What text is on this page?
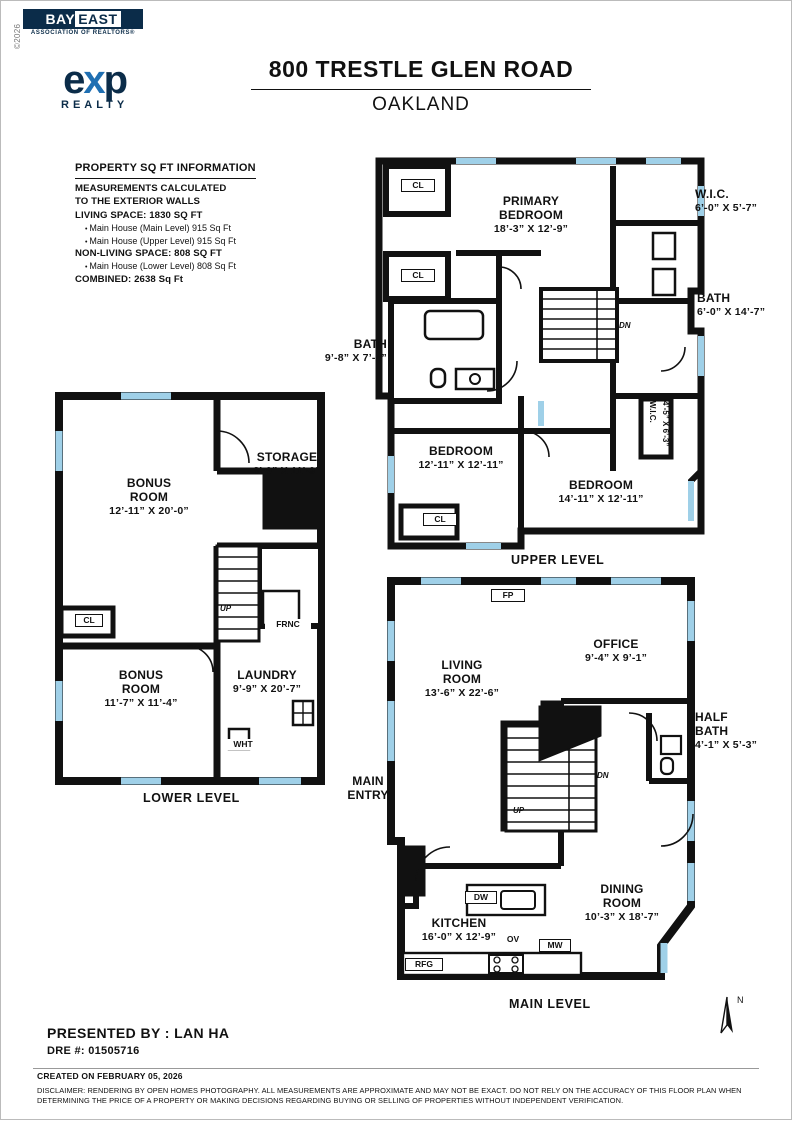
©2026
BAY EAST
ASSOCIATION OF REALTORS®
exp
REALTY
800 TRESTLE GLEN ROAD
OAKLAND
PROPERTY SQ FT INFORMATION
MEASUREMENTS CALCULATED
TO THE EXTERIOR WALLS
LIVING SPACE: 1830 SQ FT
• Main House (Main Level) 915 Sq Ft
• Main House (Upper Level) 915 Sq Ft
NON-LIVING SPACE: 808 SQ FT
• Main House (Lower Level) 808 Sq Ft
COMBINED: 2638 Sq Ft
PRIMARY
BEDROOM
18’-3” X 12’-9”
W.I.C.
6’-0” X 5’-7”
BATH
6’-0” X 14’-7”
BATH
9’-8” X 7’-4”
BEDROOM
12’-11” X 12’-11”
BEDROOM
14’-11” X 12’-11”
W.I.C. 4’-5” X 6’-3”
CL
CL
CL
DN
UPPER LEVEL
BONUS
ROOM
12’-11” X 20’-0”
STORAGE
8’-9” X 11’-9”
BONUS
ROOM
11’-7” X 11’-4”
LAUNDRY
9’-9” X 20’-7”
CL	FRNC
WHT
UP
LOWER LEVEL
OFFICE
9’-4” X 9’-1”
HALF
BATH
4’-1” X 5’-3”
LIVING
ROOM
13’-6” X 22’-6”
DINING
ROOM
10’-3” X 18’-7”
KITCHEN
16’-0” X 12’-9”
MAIN
ENTRY
FP
DW
OV
MW
RFG
UP
DN
MAIN LEVEL	N
PRESENTED BY : LAN HA
DRE #: 01505716
CREATED ON FEBRUARY 05, 2026
DISCLAIMER: RENDERING BY OPEN HOMES PHOTOGRAPHY. ALL MEASUREMENTS ARE APPROXIMATE AND MAY NOT BE EXACT. DO NOT RELY ON THE ACCURACY OF THIS FLOOR PLAN WHEN DETERMINING THE PRICE OF A PROPERTY OR MAKING DECISIONS REGARDING BUYING OR SELLING OF PROPERTIES WITHOUT INDEPENDENT VERIFICATION.
